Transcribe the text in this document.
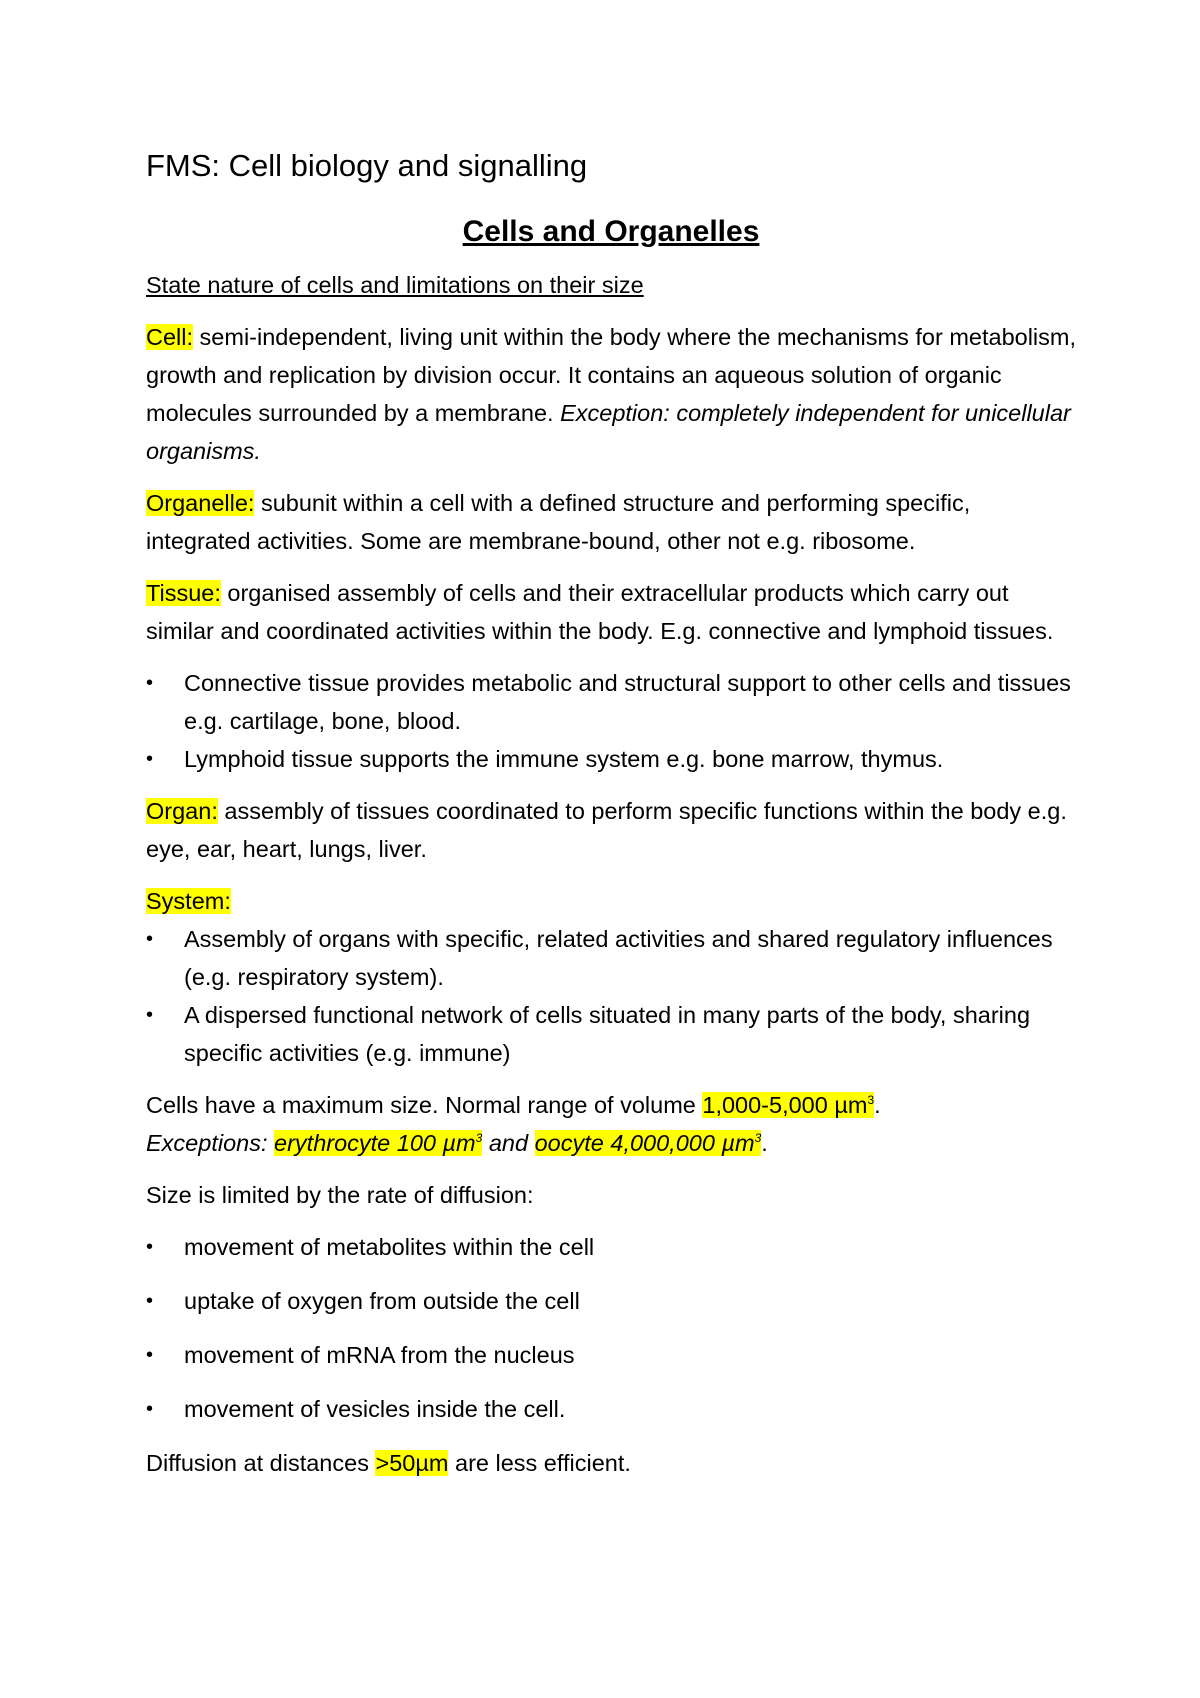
FMS: Cell biology and signalling
Cells and Organelles
State nature of cells and limitations on their size

Cell: semi-independent, living unit within the body where the mechanisms for metabolism, growth and replication by division occur. It contains an aqueous solution of organic molecules surrounded by a membrane. Exception: completely independent for unicellular organisms.

Organelle: subunit within a cell with a defined structure and performing specific, integrated activities. Some are membrane-bound, other not e.g. ribosome.

Tissue: organised assembly of cells and their extracellular products which carry out similar and coordinated activities within the body. E.g. connective and lymphoid tissues.

•	Connective tissue provides metabolic and structural support to other cells and tissues e.g. cartilage, bone, blood.
•	Lymphoid tissue supports the immune system e.g. bone marrow, thymus.

Organ: assembly of tissues coordinated to perform specific functions within the body e.g. eye, ear, heart, lungs, liver.

System:

•	Assembly of organs with specific, related activities and shared regulatory influences (e.g. respiratory system).
•	A dispersed functional network of cells situated in many parts of the body, sharing specific activities (e.g. immune)

Cells have a maximum size. Normal range of volume 1,000-5,000 µm$^3$.
Exceptions: erythrocyte 100 µm$^3$ and oocyte 4,000,000 µm$^3$.

Size is limited by the rate of diffusion:

•	movement of metabolites within the cell
•	uptake of oxygen from outside the cell
•	movement of mRNA from the nucleus
•	movement of vesicles inside the cell.

Diffusion at distances >50µm are less efficient.
